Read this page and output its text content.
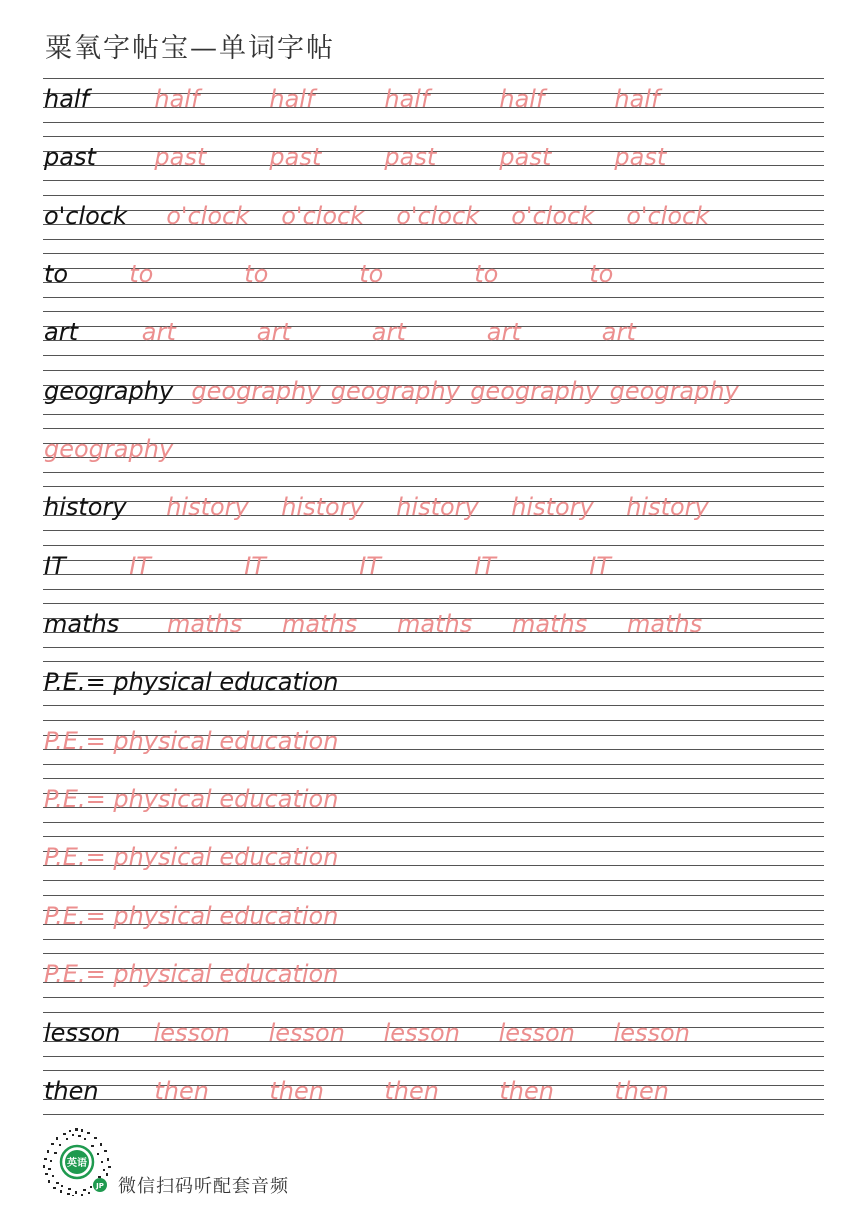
粟氧字帖宝—单词字帖
half	half	half	half	half	half
past past	past	past	past	past
o'clock o'clock o'clock o'clock o'clock o'clock
to	to	to	to	to	to
art	art	art	art	art	art
geography geography geography geography geography
geography
history history history history history history
IT	IT	IT	IT	IT	IT
maths maths maths maths maths maths
P.E.= physical education
P.E.= physical education
P.E.= physical education
P.E.= physical education
P.E.= physical education
P.E.= physical education
lesson lesson lesson lesson lesson lesson
then then	then	then	then	then
英语
JP 微信扫码听配套音频
